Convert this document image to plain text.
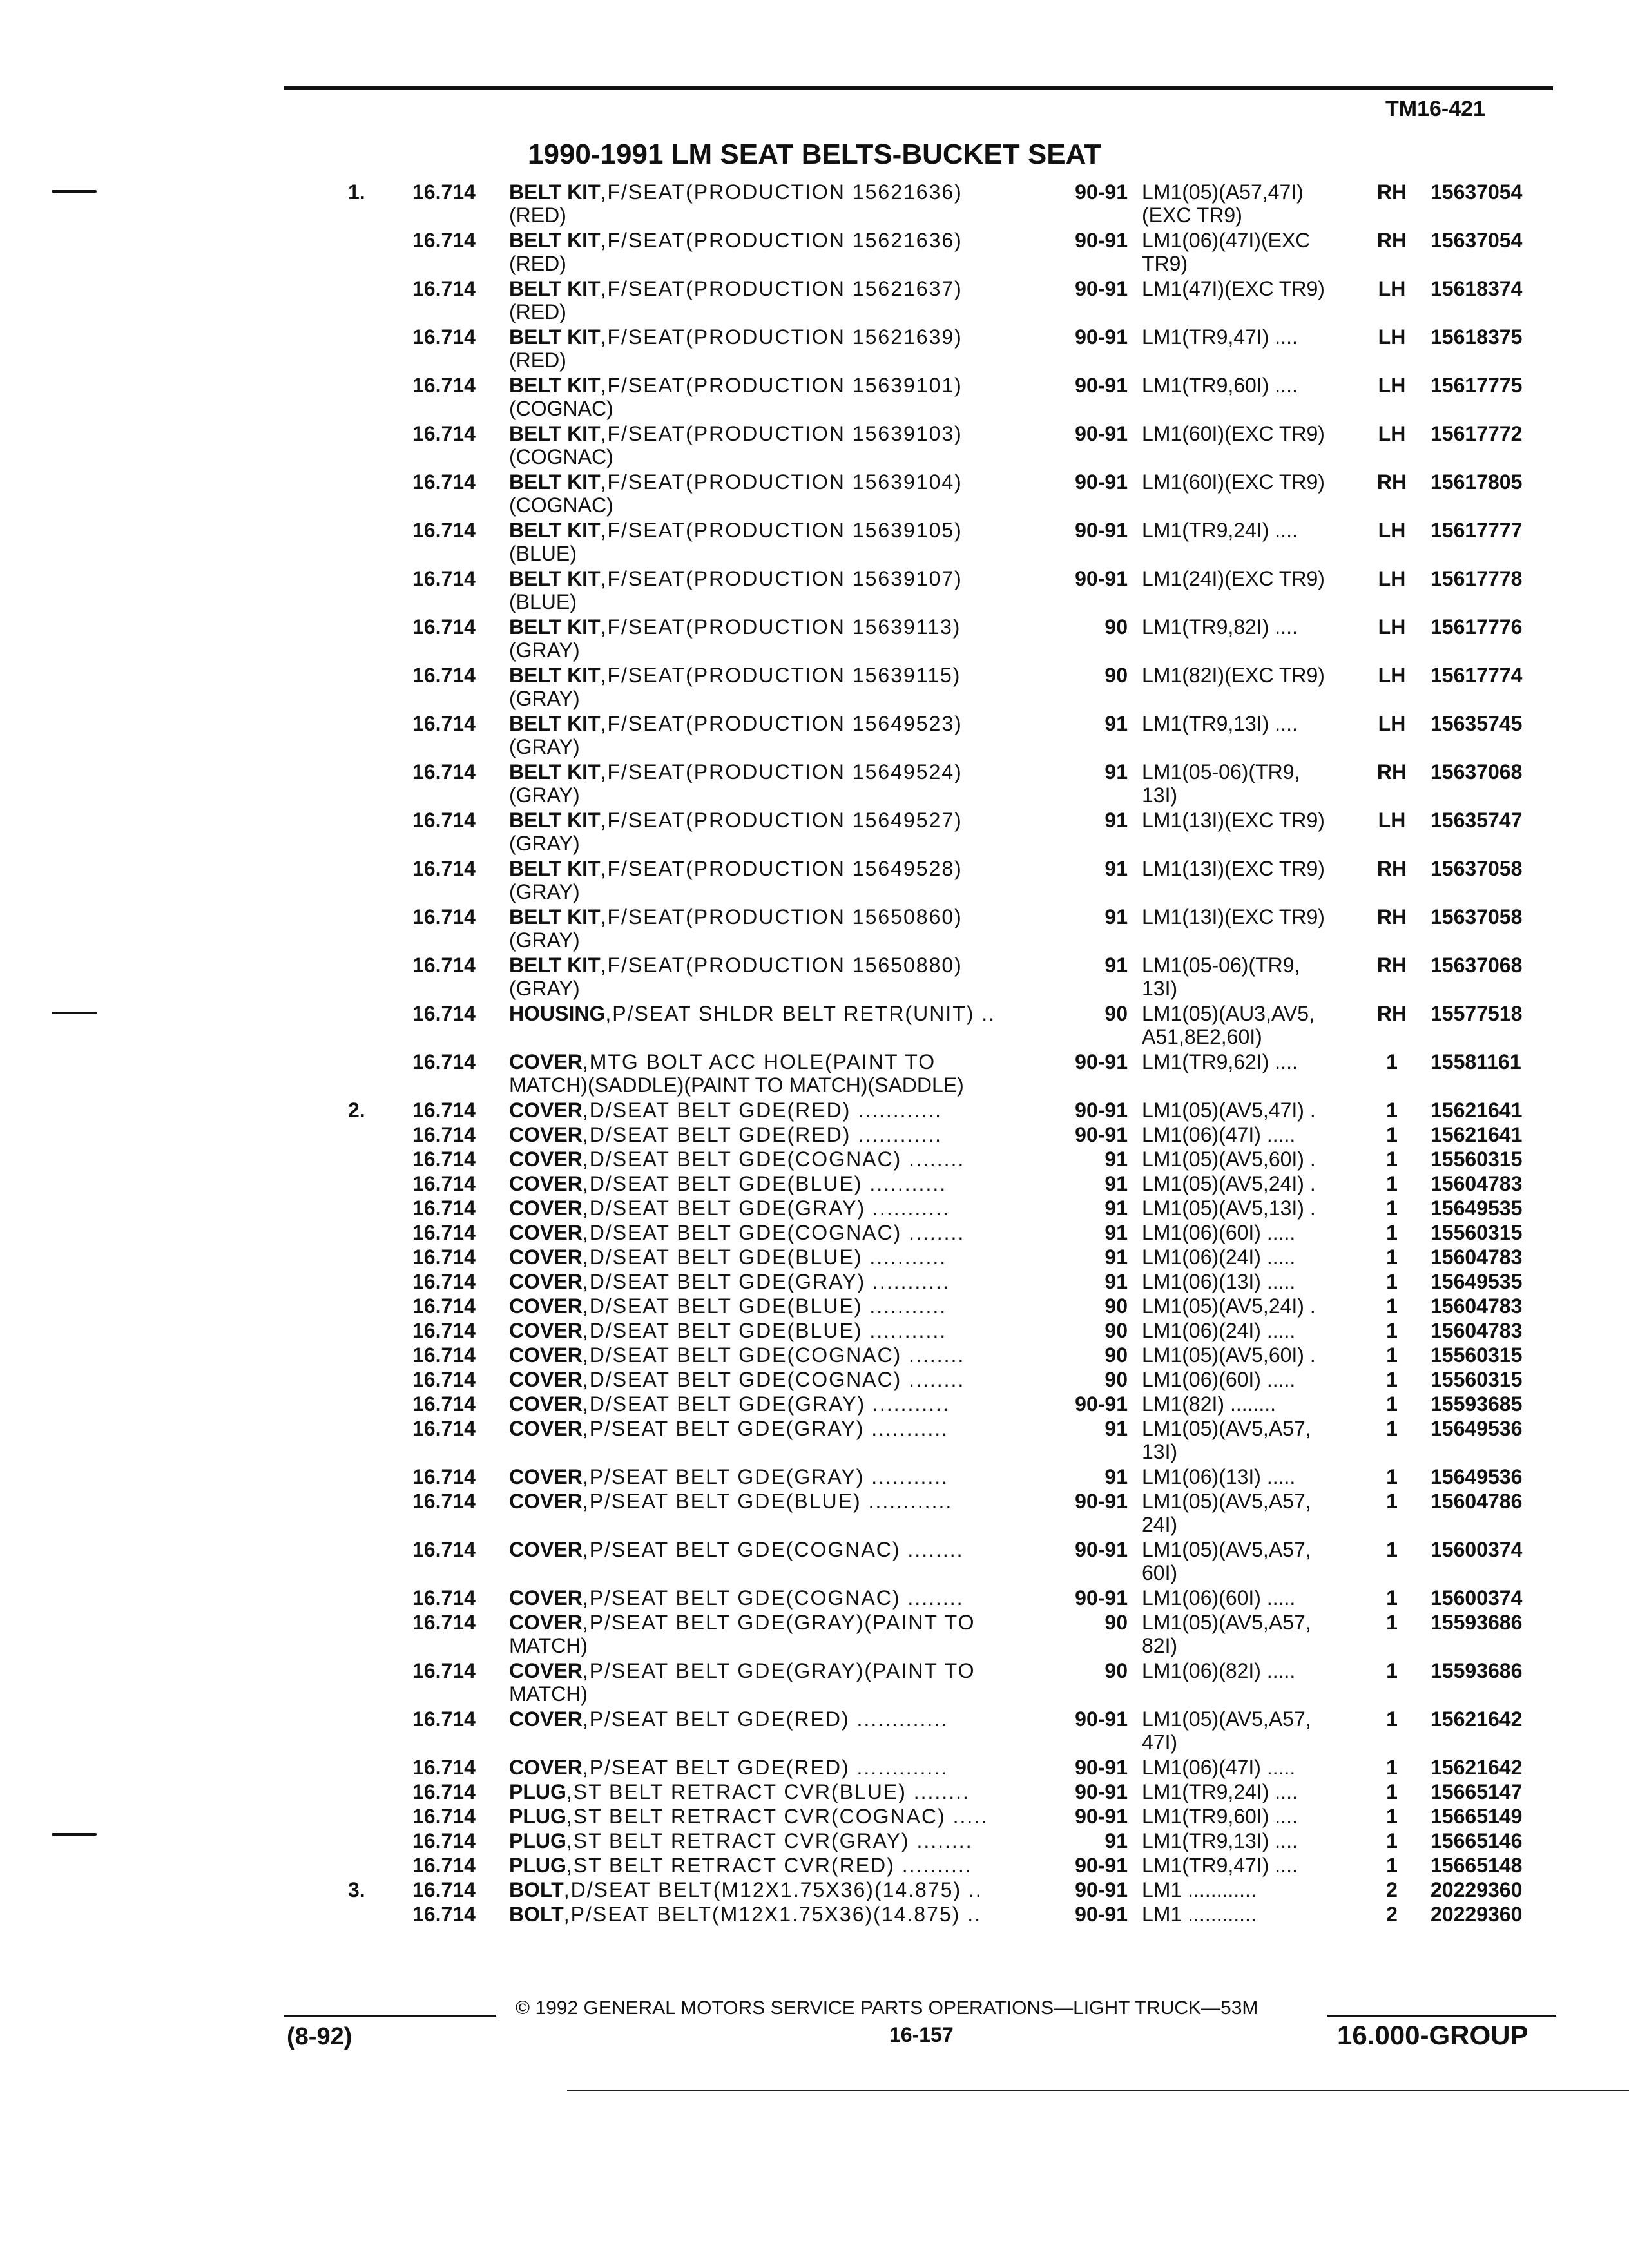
TM16-421
1990-1991 LM SEAT BELTS-BUCKET SEAT
1. 16.714 BELT KIT,F/SEAT(PRODUCTION 15621636)
(RED)
90-91 LM1(05)(A57,47I)
(EXC TR9)
RH 15637054
16.714 BELT KIT,F/SEAT(PRODUCTION 15621636)
(RED)
90-91 LM1(06)(47I)(EXC
TR9)
RH 15637054
16.714 BELT KIT,F/SEAT(PRODUCTION 15621637)
(RED)
90-91 LM1(47I)(EXC TR9)	LH 15618374
16.714 BELT KIT,F/SEAT(PRODUCTION 15621639)
(RED)
90-91 LM1(TR9,47I) ....	LH 15618375
16.714 BELT KIT,F/SEAT(PRODUCTION 15639101)
(COGNAC)
90-91 LM1(TR9,60I) ....	LH 15617775
16.714 BELT KIT,F/SEAT(PRODUCTION 15639103)
(COGNAC)
90-91 LM1(60I)(EXC TR9)	LH 15617772
16.714 BELT KIT,F/SEAT(PRODUCTION 15639104)
(COGNAC)
90-91 LM1(60I)(EXC TR9)	RH 15617805
16.714 BELT KIT,F/SEAT(PRODUCTION 15639105)
(BLUE)
90-91 LM1(TR9,24I) ....	LH 15617777
16.714 BELT KIT,F/SEAT(PRODUCTION 15639107)
(BLUE)
90-91 LM1(24I)(EXC TR9)	LH 15617778
16.714 BELT KIT,F/SEAT(PRODUCTION 15639113)
(GRAY)
90 LM1(TR9,82I) ....	LH 15617776
16.714 BELT KIT,F/SEAT(PRODUCTION 15639115)
(GRAY)
90 LM1(82I)(EXC TR9)	LH 15617774
16.714 BELT KIT,F/SEAT(PRODUCTION 15649523)
(GRAY)
91 LM1(TR9,13I) ....	LH 15635745
16.714 BELT KIT,F/SEAT(PRODUCTION 15649524)
(GRAY)
91 LM1(05-06)(TR9,
13I)
RH 15637068
16.714 BELT KIT,F/SEAT(PRODUCTION 15649527)
(GRAY)
91 LM1(13I)(EXC TR9)	LH 15635747
16.714 BELT KIT,F/SEAT(PRODUCTION 15649528)
(GRAY)
91 LM1(13I)(EXC TR9)	RH 15637058
16.714 BELT KIT,F/SEAT(PRODUCTION 15650860)
(GRAY)
91 LM1(13I)(EXC TR9)	RH 15637058
16.714 BELT KIT,F/SEAT(PRODUCTION 15650880)
(GRAY)
91 LM1(05-06)(TR9,
13I)
RH 15637068
16.714 HOUSING,P/SEAT SHLDR BELT RETR(UNIT) ..	90 LM1(05)(AU3,AV5,
A51,8E2,60I)
RH 15577518
16.714 COVER,MTG BOLT ACC HOLE(PAINT TO
MATCH)(SADDLE)(PAINT TO MATCH)(SADDLE)
90-91 LM1(TR9,62I) ....	1	15581161
2. 16.714 COVER,D/SEAT BELT GDE(RED) ............	90-91 LM1(05)(AV5,47I) .	1	15621641
16.714 COVER,D/SEAT BELT GDE(RED) ............	90-91 LM1(06)(47I) .....	1	15621641
16.714 COVER,D/SEAT BELT GDE(COGNAC) ........	91 LM1(05)(AV5,60I) .	1	15560315
16.714 COVER,D/SEAT BELT GDE(BLUE) ...........	91 LM1(05)(AV5,24I) .	1	15604783
16.714 COVER,D/SEAT BELT GDE(GRAY) ...........	91 LM1(05)(AV5,13I) .	1	15649535
16.714 COVER,D/SEAT BELT GDE(COGNAC) ........	91 LM1(06)(60I) .....	1	15560315
16.714 COVER,D/SEAT BELT GDE(BLUE) ...........	91 LM1(06)(24I) .....	1	15604783
16.714 COVER,D/SEAT BELT GDE(GRAY) ...........	91 LM1(06)(13I) .....	1	15649535
16.714 COVER,D/SEAT BELT GDE(BLUE) ...........	90 LM1(05)(AV5,24I) .	1	15604783
16.714 COVER,D/SEAT BELT GDE(BLUE) ...........	90 LM1(06)(24I) .....	1	15604783
16.714 COVER,D/SEAT BELT GDE(COGNAC) ........	90 LM1(05)(AV5,60I) .	1	15560315
16.714 COVER,D/SEAT BELT GDE(COGNAC) ........	90 LM1(06)(60I) .....	1	15560315
16.714 COVER,D/SEAT BELT GDE(GRAY) ...........	90-91 LM1(82I) ........	1	15593685
16.714 COVER,P/SEAT BELT GDE(GRAY) ...........	91 LM1(05)(AV5,A57,
13I)
1	15649536
16.714 COVER,P/SEAT BELT GDE(GRAY) ...........	91 LM1(06)(13I) .....	1	15649536
16.714 COVER,P/SEAT BELT GDE(BLUE) ............	90-91 LM1(05)(AV5,A57,
24I)
1	15604786
16.714 COVER,P/SEAT BELT GDE(COGNAC) ........	90-91 LM1(05)(AV5,A57,
60I)
1	15600374
16.714 COVER,P/SEAT BELT GDE(COGNAC) ........	90-91 LM1(06)(60I) .....	1	15600374
16.714 COVER,P/SEAT BELT GDE(GRAY)(PAINT TO
MATCH)
90 LM1(05)(AV5,A57,
82I)
1	15593686
16.714 COVER,P/SEAT BELT GDE(GRAY)(PAINT TO
MATCH)
90 LM1(06)(82I) .....	1	15593686
16.714 COVER,P/SEAT BELT GDE(RED) .............	90-91 LM1(05)(AV5,A57,
47I)
1	15621642
16.714 COVER,P/SEAT BELT GDE(RED) .............	90-91 LM1(06)(47I) .....	1	15621642
16.714 PLUG,ST BELT RETRACT CVR(BLUE) ........	90-91 LM1(TR9,24I) ....	1	15665147
16.714 PLUG,ST BELT RETRACT CVR(COGNAC) .....	90-91 LM1(TR9,60I) ....	1	15665149
16.714 PLUG,ST BELT RETRACT CVR(GRAY) ........	91 LM1(TR9,13I) ....	1	15665146
16.714 PLUG,ST BELT RETRACT CVR(RED) ..........	90-91 LM1(TR9,47I) ....	1	15665148
3. 16.714 BOLT,D/SEAT BELT(M12X1.75X36)(14.875) ..	90-91 LM1 ............	2	20229360
16.714 BOLT,P/SEAT BELT(M12X1.75X36)(14.875) ..	90-91 LM1 ............	2	20229360
© 1992 GENERAL MOTORS SERVICE PARTS OPERATIONS—LIGHT TRUCK—53M
(8-92)	16-157	16.000-GROUP
